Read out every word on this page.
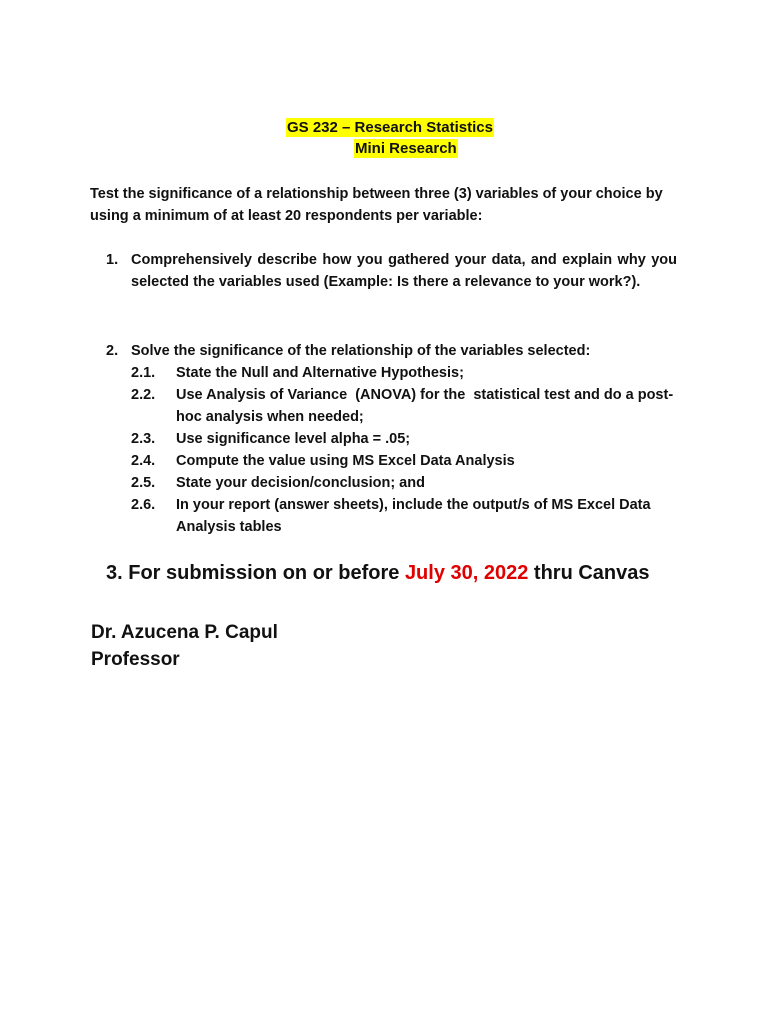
GS 232 – Research Statistics
Mini Research
Test the significance of a relationship between three (3) variables of your choice by using a minimum of at least 20 respondents per variable:
1. Comprehensively describe how you gathered your data, and explain why you selected the variables used (Example: Is there a relevance to your work?).
2. Solve the significance of the relationship of the variables selected:
2.1. State the Null and Alternative Hypothesis;
2.2. Use Analysis of Variance  (ANOVA) for the  statistical test and do a post-hoc analysis when needed;
2.3. Use significance level alpha = .05;
2.4. Compute the value using MS Excel Data Analysis
2.5. State your decision/conclusion; and
2.6. In your report (answer sheets), include the output/s of MS Excel Data Analysis tables
3. For submission on or before July 30, 2022 thru Canvas
Dr. Azucena P. Capul
Professor
